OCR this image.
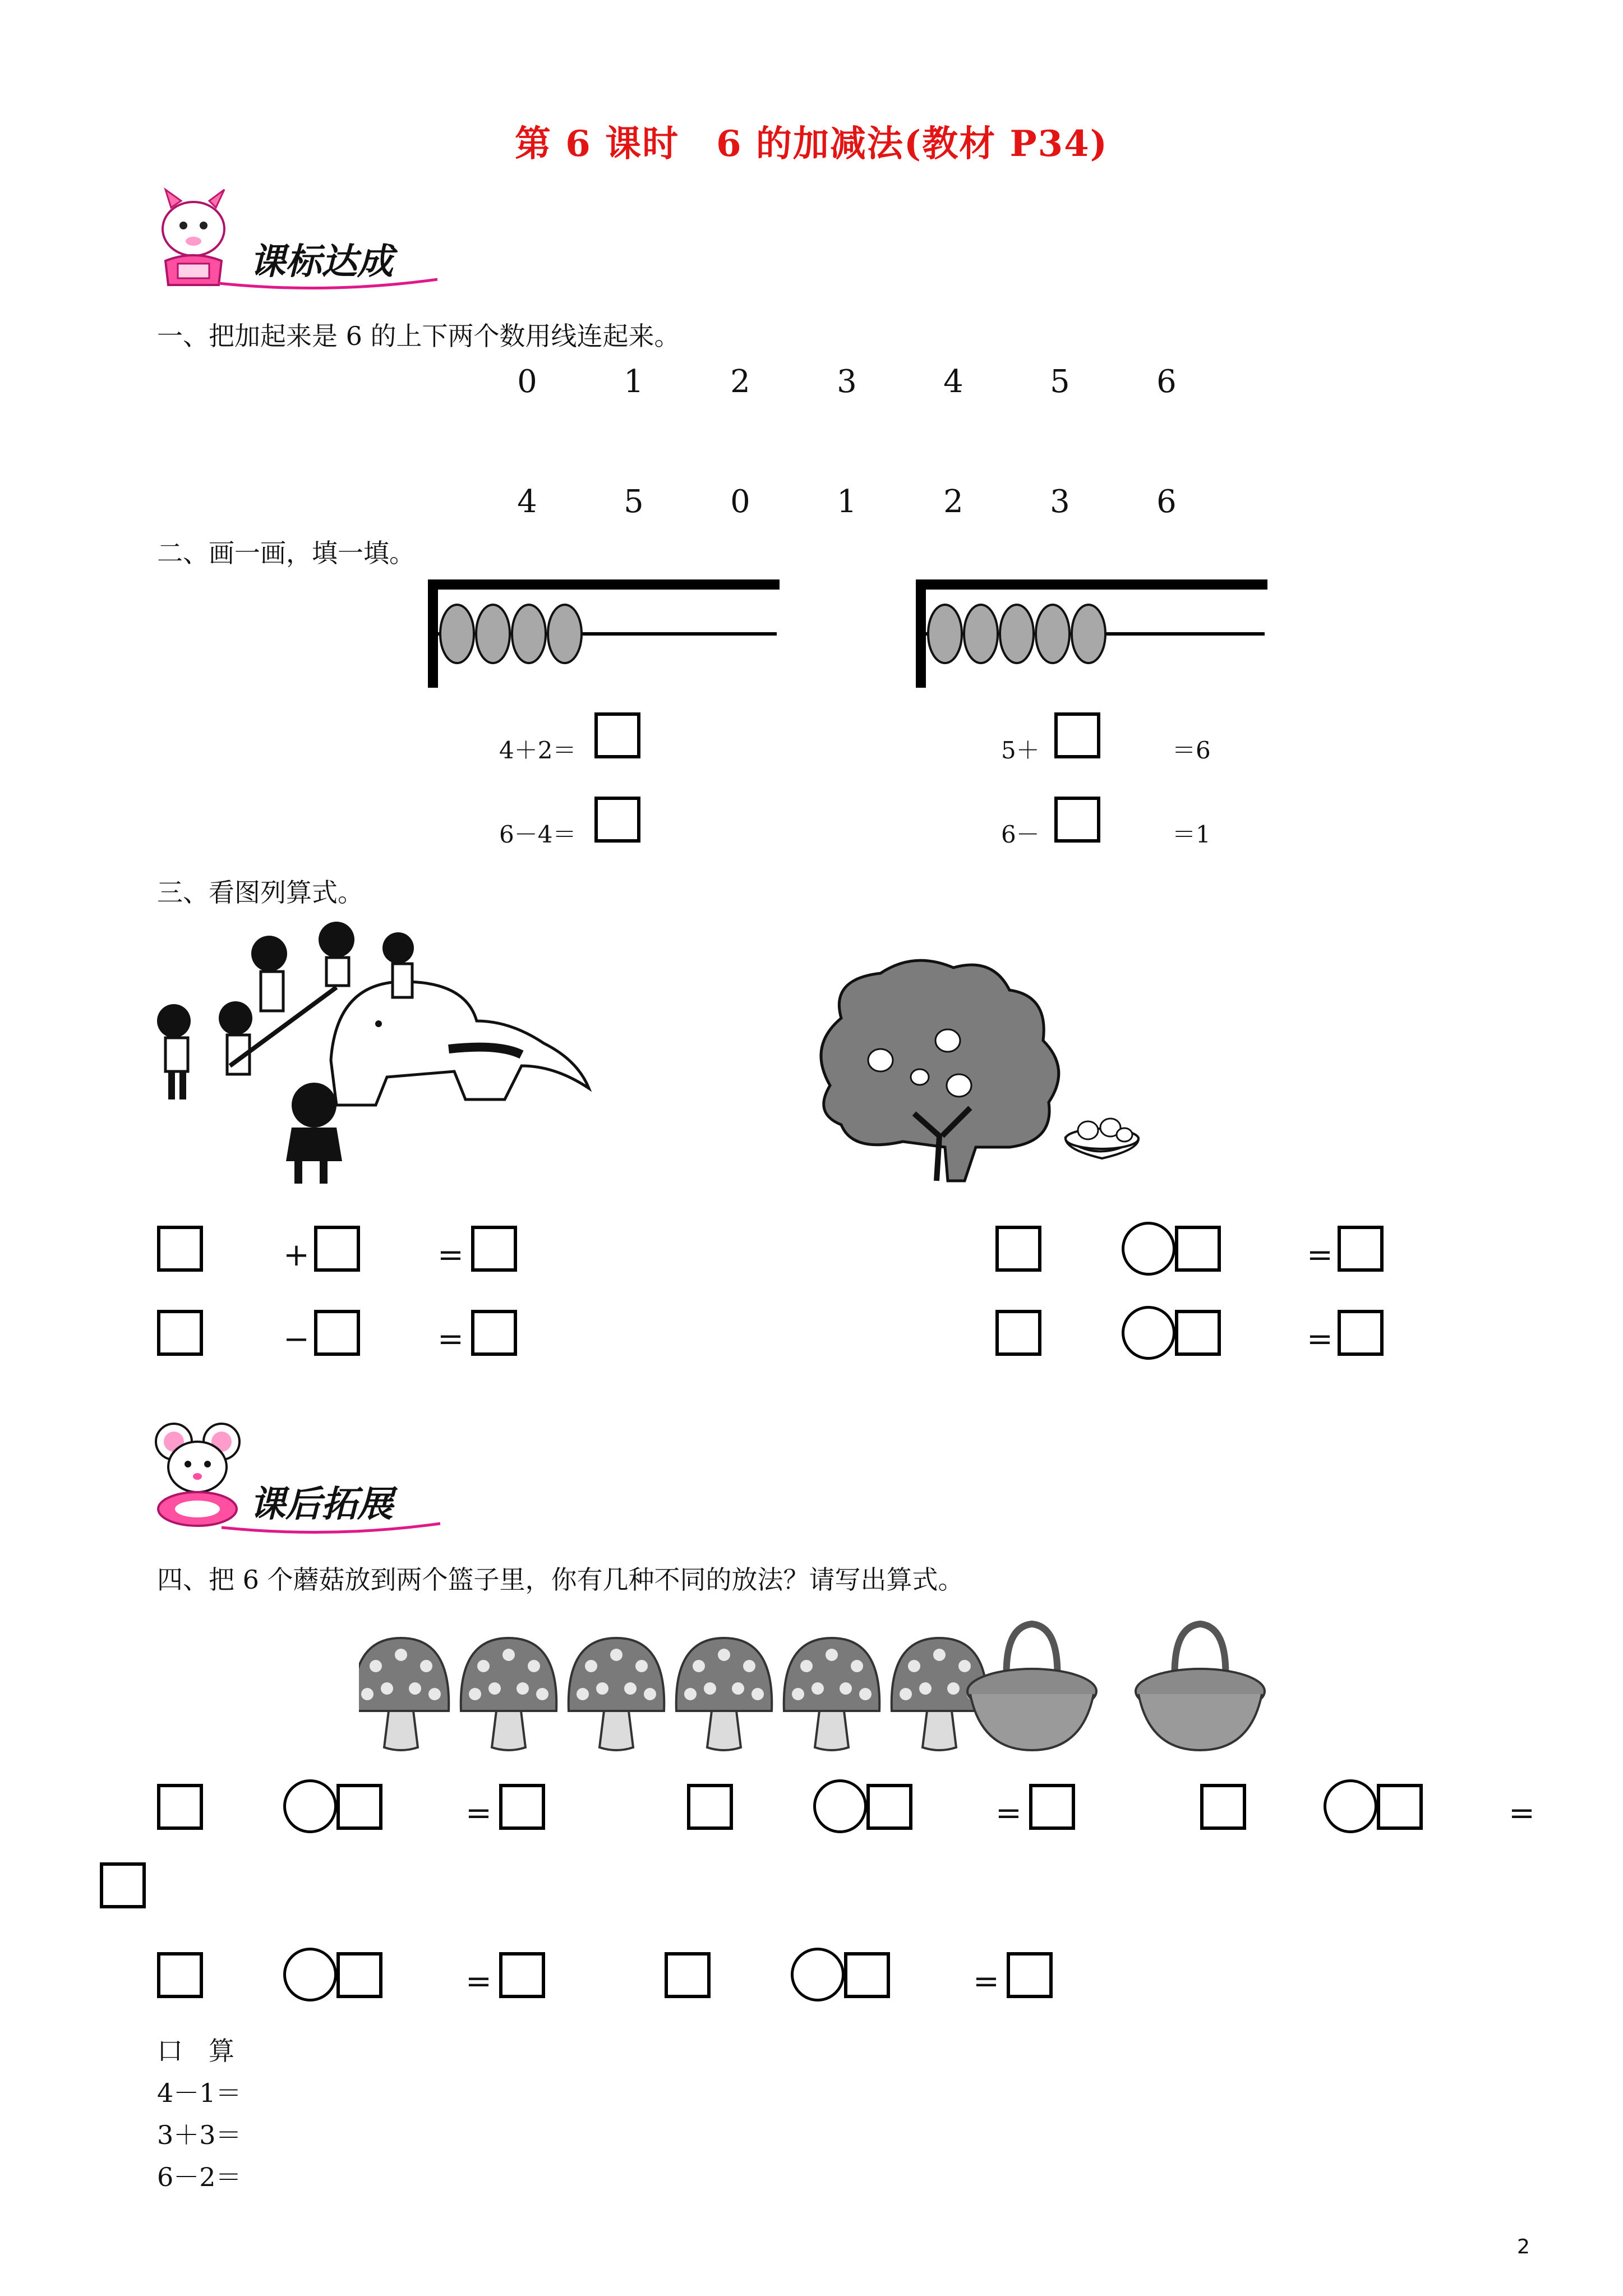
第 6 课时　6 的加减法(教材 P34)
课标达成
一、把加起来是 6 的上下两个数用线连起来。
0	1	2	3	4	5	6
4	5	0	1	2	3	6
二、画一画，填一填。
4＋2＝
6－4＝
5＋	＝6
6－	＝1
三、看图列算式。
+	=
−	=
=
=
课后拓展
四、把 6 个蘑菇放到两个篮子里，你有几种不同的放法？请写出算式。
=	=	=
=	=
口　算
4－1＝
3＋3＝
6－2＝
2
